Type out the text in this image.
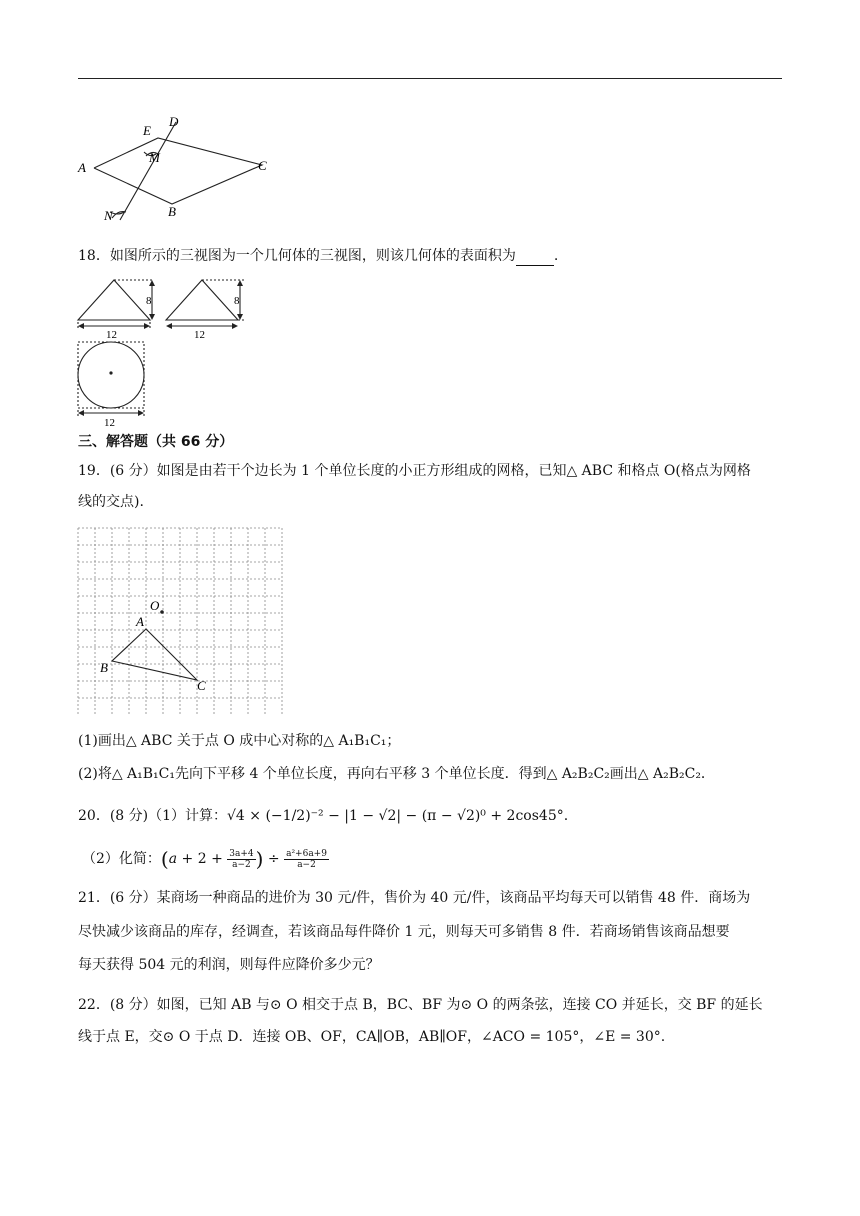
D
E
M
A	C
N	B
18．如图所示的三视图为一个几何体的三视图，则该几何体的表面积为	.
8
12
8
12
12
三、解答题（共 66 分）
19．(6 分）如图是由若干个边长为 1 个单位长度的小正方形组成的网格，已知△ ABC 和格点 O(格点为网格
线的交点).
O
A
B
C
(1)画出△ ABC 关于点 O 成中心对称的△ A₁B₁C₁；
(2)将△ A₁B₁C₁先向下平移 4 个单位长度，再向右平移 3 个单位长度．得到△ A₂B₂C₂画出△ A₂B₂C₂．
20．(8 分)（1）计算：√4 × (−1/2)⁻² − |1 − √2| − (π − √2)⁰ + 2cos45°.
（2）化简：($a + 2 + \frac{3a+4}{a-2}$ ) ÷ $\frac{\text{a²+6a+9}}{a-2}$
21．(6 分）某商场一种商品的进价为 30 元/件，售价为 40 元/件，该商品平均每天可以销售 48 件．商场为
尽快减少该商品的库存，经调查，若该商品每件降价 1 元，则每天可多销售 8 件．若商场销售该商品想要
每天获得 504 元的利润，则每件应降价多少元？
22．(8 分）如图，已知 AB 与⊙ O 相交于点 B，BC、BF 为⊙ O 的两条弦，连接 CO 并延长，交 BF 的延长
线于点 E，交⊙ O 于点 D．连接 OB、OF，CA∥OB，AB∥OF，∠ACO = 105°，∠E = 30°.
